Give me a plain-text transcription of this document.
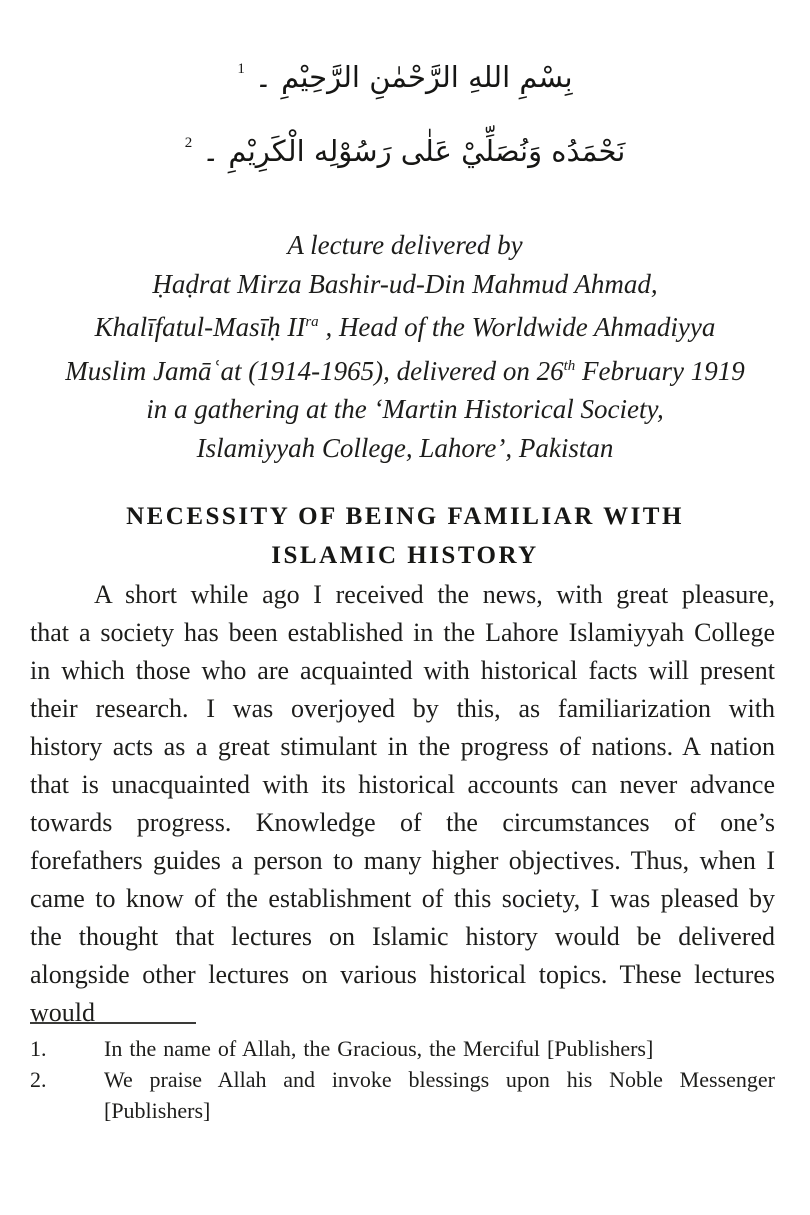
بِسْمِ اللهِ الرَّحْمٰنِ الرَّحِيْمِ ۔$^1$
نَحْمَدُه وَنُصَلِّيْ عَلٰى رَسُوْلِه الْكَرِيْمِ ۔$^2$
A lecture delivered by
Ḥaḍrat Mirza Bashir-ud-Din Mahmud Ahmad,
Khalīfatul-Masīḥ $II^{ra}$ , Head of the Worldwide Ahmadiyya
Muslim Jamāʿat (1914-1965), delivered on 26th February 1919
in a gathering at the ‘Martin Historical Society,
Islamiyyah College, Lahore’, Pakistan
NECESSITY OF BEING FAMILIAR WITH
ISLAMIC HISTORY

A short while ago I received the news, with great pleasure, that a society has been established in the Lahore Islamiyyah College in which those who are acquainted with historical facts will present their research. I was overjoyed by this, as familiarization with history acts as a great stimulant in the progress of nations. A nation that is unacquainted with its historical accounts can never advance towards progress. Knowledge of the circumstances of one’s forefathers guides a person to many higher objectives. Thus, when I came to know of the establishment of this society, I was pleased by the thought that lectures on Islamic history would be delivered alongside other lectures on various historical topics. These lectures would

1.	In the name of Allah, the Gracious, the Merciful [Publishers]
2.	We praise Allah and invoke blessings upon his Noble Messenger [Publishers]
